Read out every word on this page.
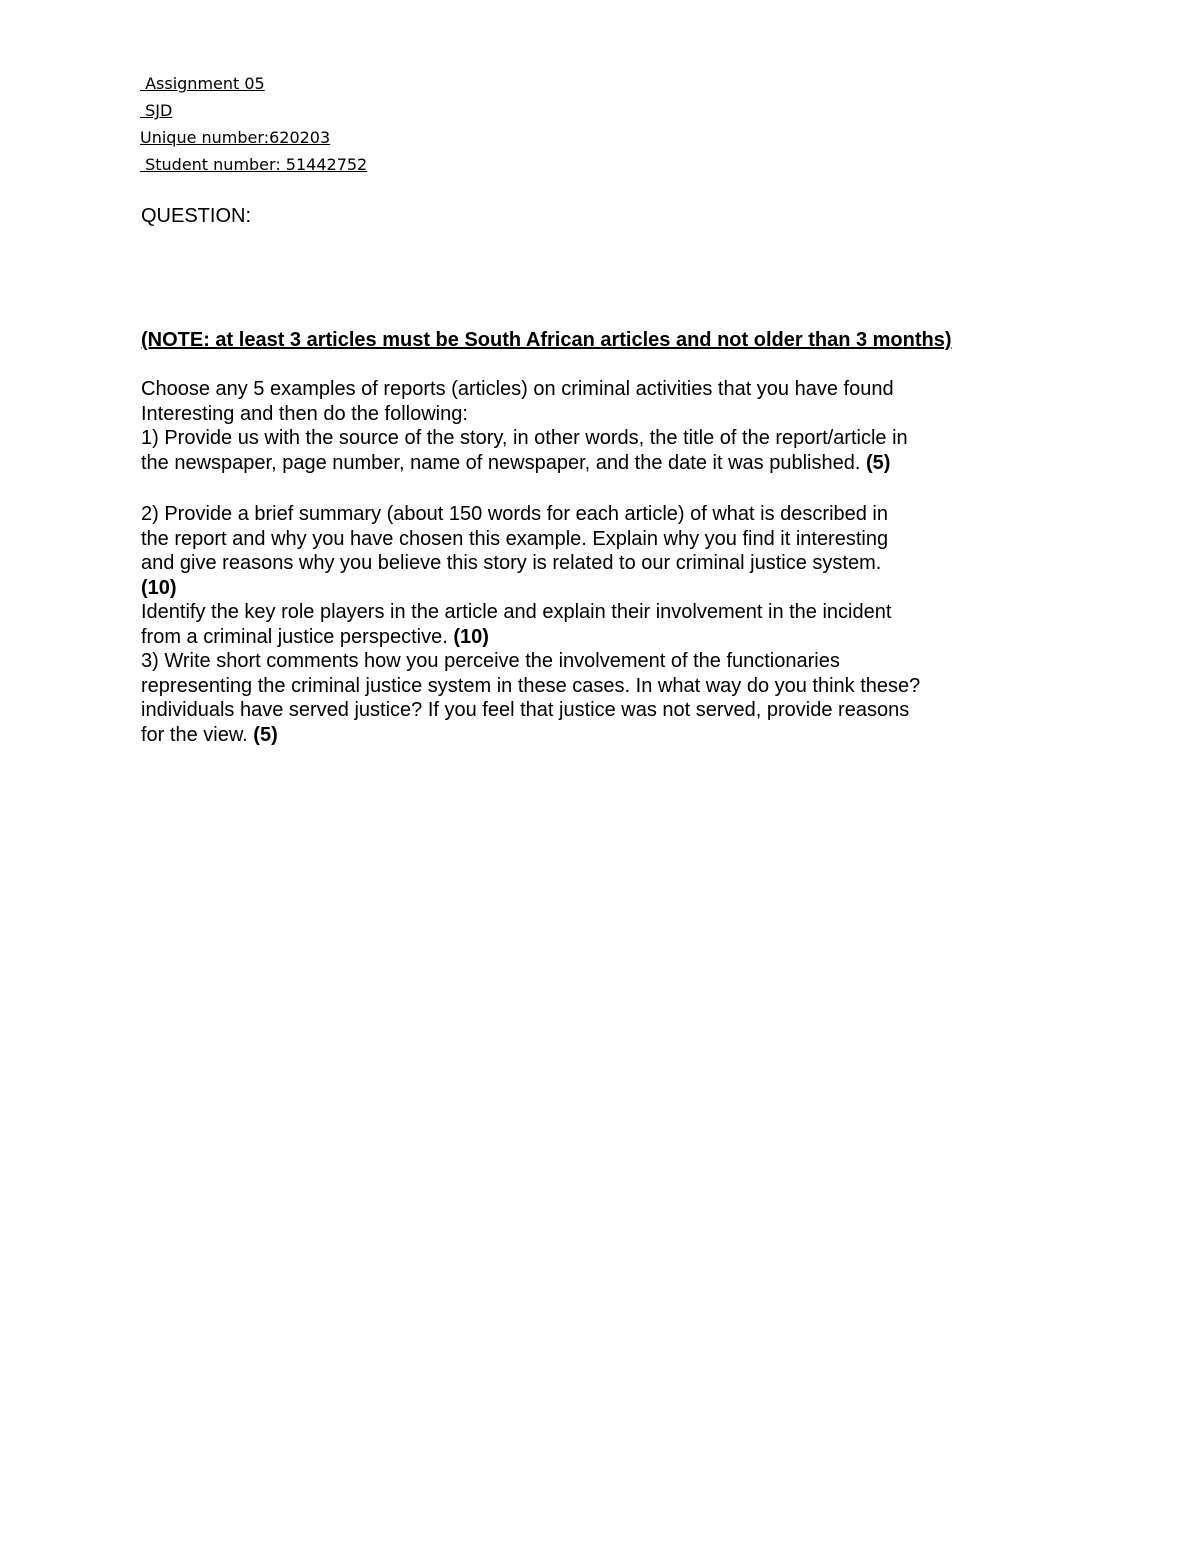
Assignment 05
SJD
Unique number:620203
Student number: 51442752
QUESTION:
(NOTE: at least 3 articles must be South African articles and not older than 3 months)
Choose any 5 examples of reports (articles) on criminal activities that you have found
Interesting and then do the following:
1) Provide us with the source of the story, in other words, the title of the report/article in
the newspaper, page number, name of newspaper, and the date it was published. (5)
2) Provide a brief summary (about 150 words for each article) of what is described in
the report and why you have chosen this example. Explain why you find it interesting
and give reasons why you believe this story is related to our criminal justice system.
(10)
Identify the key role players in the article and explain their involvement in the incident
from a criminal justice perspective. (10)
3) Write short comments how you perceive the involvement of the functionaries
representing the criminal justice system in these cases. In what way do you think these?
individuals have served justice? If you feel that justice was not served, provide reasons
for the view. (5)
